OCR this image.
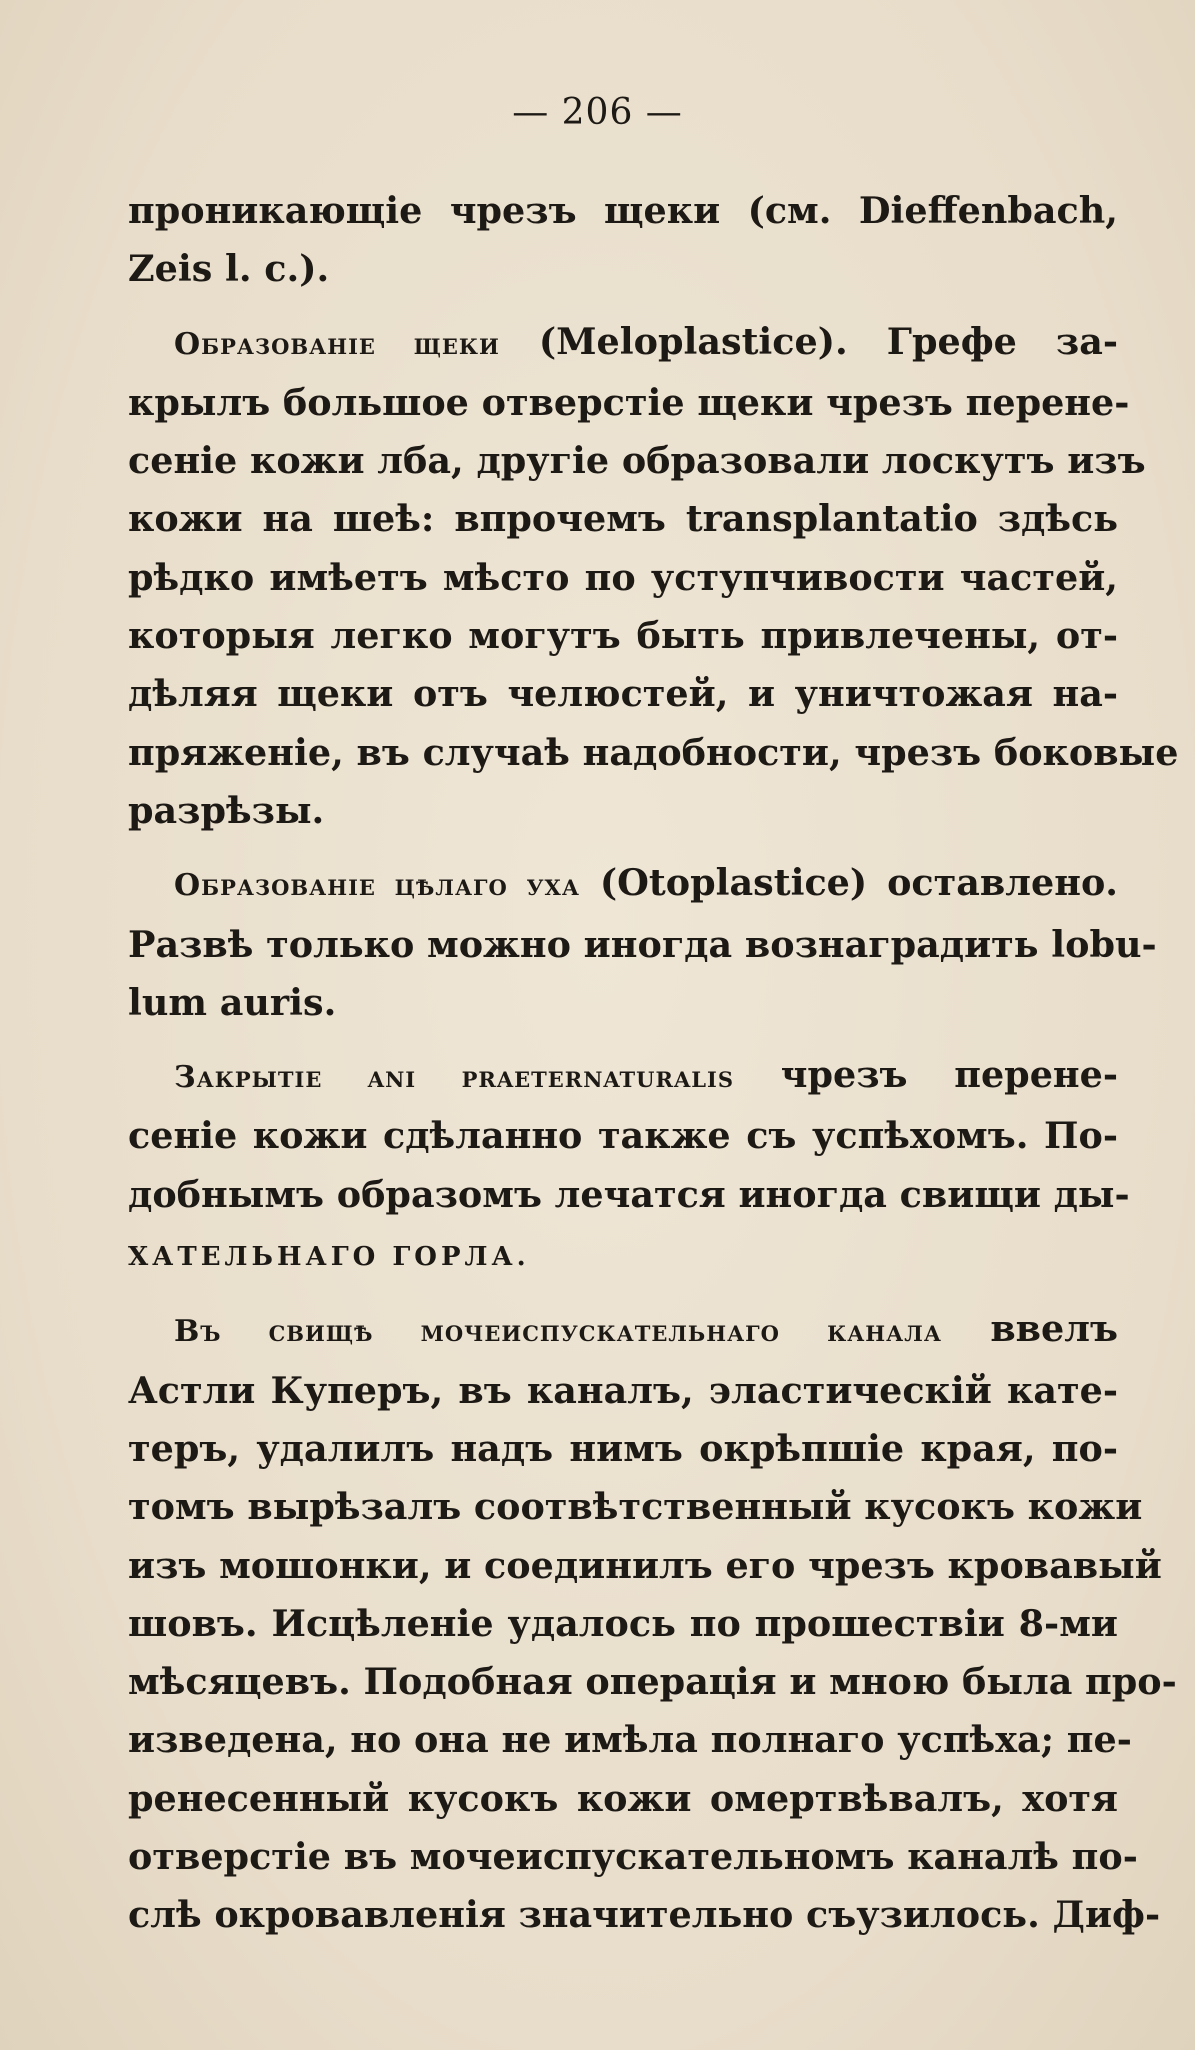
— 206 —

проникающіе чрезъ щеки (см. Dieffenbach,
Zeis l. c.).

Образованіе щеки (Meloplastice). Грефе за-
крылъ большое отверстіе щеки чрезъ перене-
сеніе кожи лба, другіе образовали лоскутъ изъ
кожи на шеѣ: впрочемъ transplantatio здѣсь
рѣдко имѣетъ мѣсто по уступчивости частей,
которыя легко могутъ быть привлечены, от-
дѣляя щеки отъ челюстей, и уничтожая на-
пряженіе, въ случаѣ надобности, чрезъ боковые
разрѣзы.

Образованіе цѣлаго уха (Otoplastice) оставлено.
Развѣ только можно иногда вознаградить lobu-
lum auris.

Закрытіе ani praeternaturalis чрезъ перене-
сеніе кожи сдѣланно также съ успѣхомъ. По-
добнымъ образомъ лечатся иногда свищи ды-
ХАТЕЛЬНАГО ГОРЛА.

Въ свищѣ мочеиспускательнаго канала ввелъ
Астли Куперъ, въ каналъ, эластическій кате-
теръ, удалилъ надъ нимъ окрѣпшіе края, по-
томъ вырѣзалъ соотвѣтственный кусокъ кожи
изъ мошонки, и соединилъ его чрезъ кровавый
шовъ. Исцѣленіе удалось по прошествіи 8-ми
мѣсяцевъ. Подобная операція и мною была про-
изведена, но она не имѣла полнаго успѣха; пе-
ренесенный кусокъ кожи омертвѣвалъ, хотя
отверстіе въ мочеиспускательномъ каналѣ по-
слѣ окровавленія значительно съузилось. Диф-
